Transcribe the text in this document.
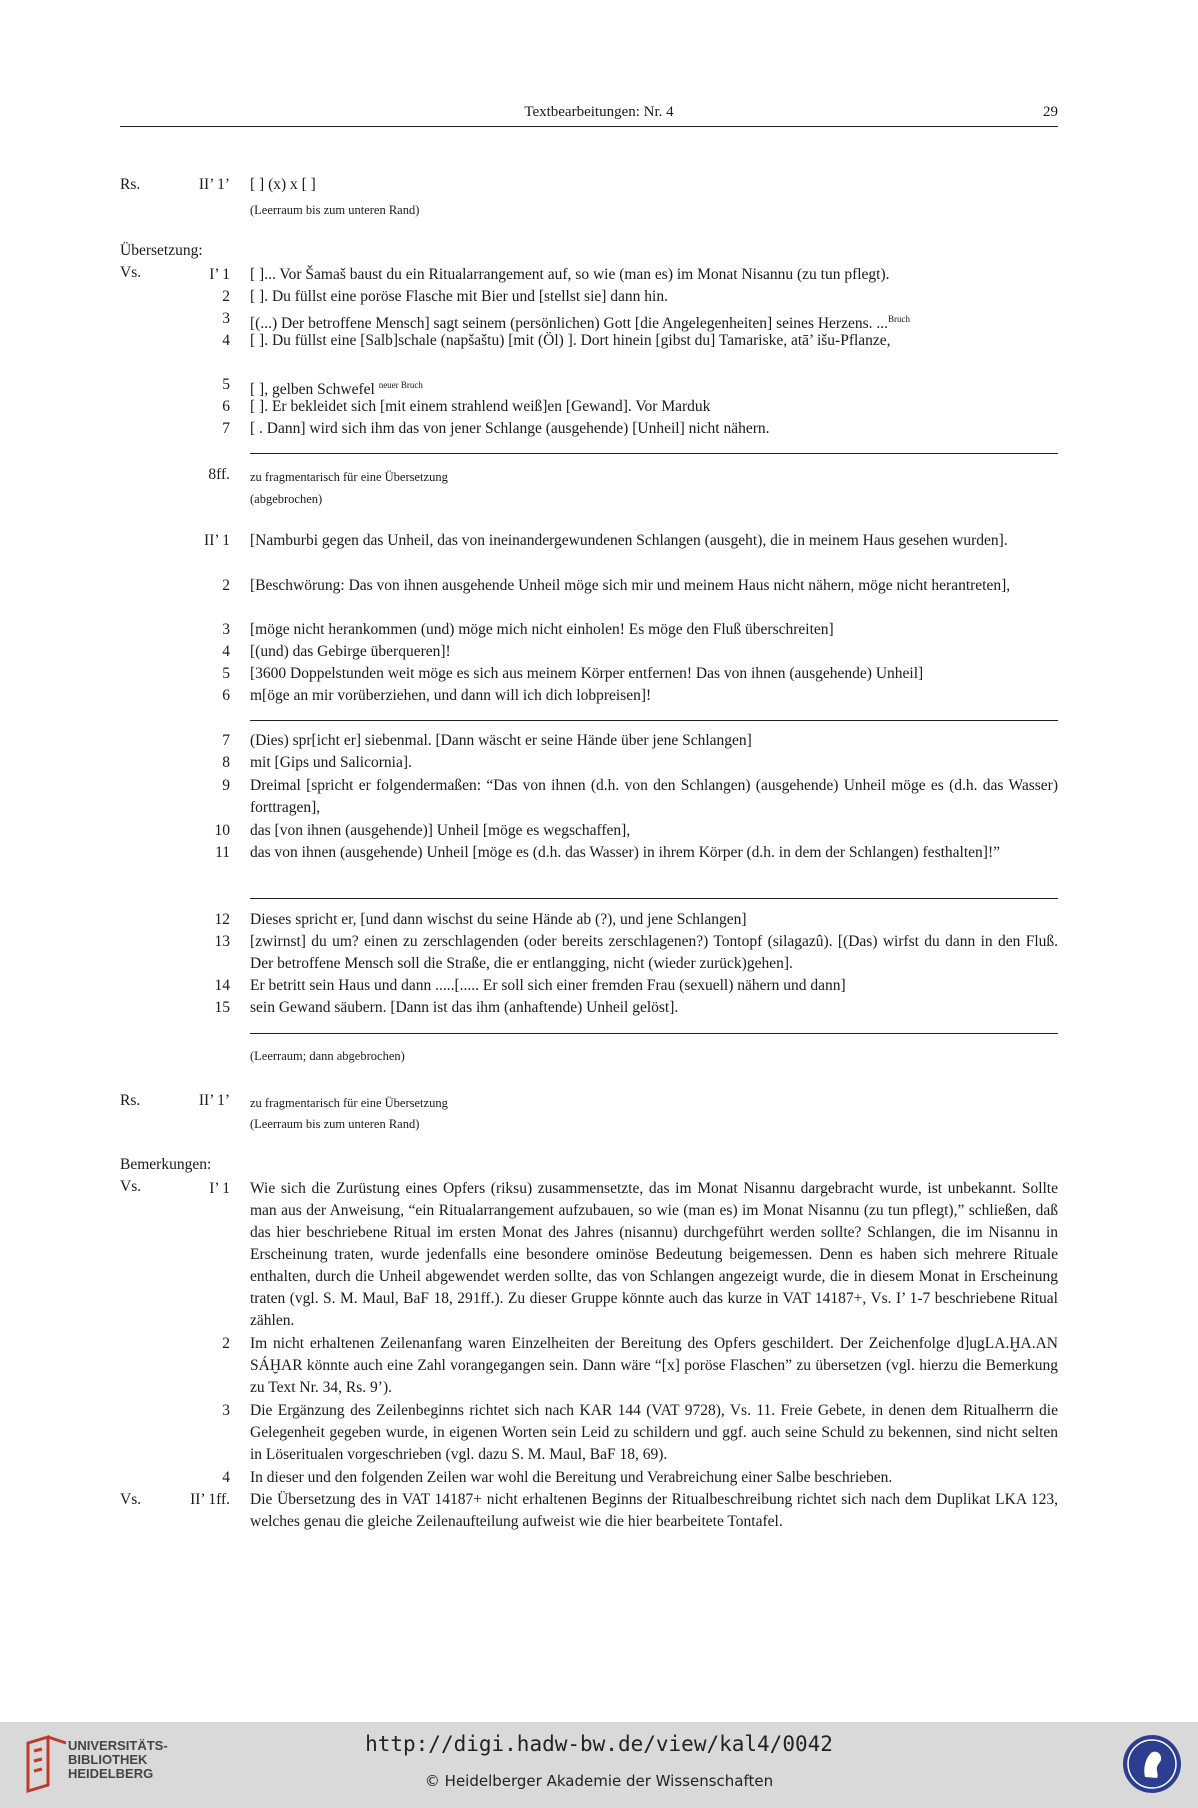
Textbearbeitungen: Nr. 4	29
Rs.	II’ 1’ [ ] (x) x [ ]
(Leerraum bis zum unteren Rand)
Übersetzung:
Vs.	I’ 1 [ ]... Vor Šamaš baust du ein Ritualarrangement auf, so wie (man es) im Monat Nisannu (zu tun pflegt).
2 [ ]. Du füllst eine poröse Flasche mit Bier und [stellst sie] dann hin.
3 [(...) Der betroffene Mensch] sagt seinem (persönlichen) Gott [die Angelegenheiten] seines Herzens. ...$^{Bruch}$
4 [ ]. Du füllst eine [Salb]schale (napšaštu) [mit (Öl) ]. Dort hinein [gibst du] Tamariske, atā’ išu-Pflanze,
5 [ ], gelben Schwefel $^{neuer Bruch}$
6 [ ]. Er bekleidet sich [mit einem strahlend weiß]en [Gewand]. Vor Marduk
7 [ . Dann] wird sich ihm das von jener Schlange (ausgehende) [Unheil] nicht nähern.
8ff. zu fragmentarisch für eine Übersetzung
(abgebrochen)
II’ 1 [Namburbi gegen das Unheil, das von ineinandergewundenen Schlangen (ausgeht), die in meinem Haus gesehen wurden].
2 [Beschwörung: Das von ihnen ausgehende Unheil möge sich mir und meinem Haus nicht nähern, möge nicht herantreten],
3 [möge nicht herankommen (und) möge mich nicht einholen! Es möge den Fluß überschreiten]
4 [(und) das Gebirge überqueren]!
5 [3600 Doppelstunden weit möge es sich aus meinem Körper entfernen! Das von ihnen (ausgehende) Unheil]
6 m[öge an mir vorüberziehen, und dann will ich dich lobpreisen]!
7 (Dies) spr[icht er] siebenmal. [Dann wäscht er seine Hände über jene Schlangen]
8 mit [Gips und Salicornia].
9 Dreimal [spricht er folgendermaßen: “Das von ihnen (d.h. von den Schlangen) (ausgehende) Unheil möge es (d.h. das Wasser) forttragen],
10 das [von ihnen (ausgehende)] Unheil [möge es wegschaffen],
11 das von ihnen (ausgehende) Unheil [möge es (d.h. das Wasser) in ihrem Körper (d.h. in dem der Schlangen) festhalten]!”
12 Dieses spricht er, [und dann wischst du seine Hände ab (?), und jene Schlangen]
13 [zwirnst] du um? einen zu zerschlagenden (oder bereits zerschlagenen?) Tontopf (silagazû). [(Das) wirfst du dann in den Fluß. Der betroffene Mensch soll die Straße, die er entlangging, nicht (wieder zurück)gehen].
14 Er betritt sein Haus und dann .....[..... Er soll sich einer fremden Frau (sexuell) nähern und dann]
15 sein Gewand säubern. [Dann ist das ihm (anhaftende) Unheil gelöst].
(Leerraum; dann abgebrochen)
Rs.	II’ 1’ zu fragmentarisch für eine Übersetzung
(Leerraum bis zum unteren Rand)
Bemerkungen:
Vs.	I’ 1 Wie sich die Zurüstung eines Opfers (riksu) zusammensetzte, das im Monat Nisannu dargebracht wurde, ist unbekannt. Sollte man aus der Anweisung, “ein Ritualarrangement aufzubauen, so wie (man es) im Monat Nisannu (zu tun pflegt),” schließen, daß das hier beschriebene Ritual im ersten Monat des Jahres (nisannu) durchgeführt werden sollte? Schlangen, die im Nisannu in Erscheinung traten, wurde jedenfalls eine besondere ominöse Bedeutung beigemessen. Denn es haben sich mehrere Rituale enthalten, durch die Unheil abgewendet werden sollte, das von Schlangen angezeigt wurde, die in diesem Monat in Erscheinung traten (vgl. S. M. Maul, BaF 18, 291ff.). Zu dieser Gruppe könnte auch das kurze in VAT 14187+, Vs. I’ 1-7 beschriebene Ritual zählen.
2 Im nicht erhaltenen Zeilenanfang waren Einzelheiten der Bereitung des Opfers geschildert. Der Zeichenfolge d]ugLA.ḪA.AN SÁḪAR könnte auch eine Zahl vorangegangen sein. Dann wäre “[x] poröse Flaschen” zu übersetzen (vgl. hierzu die Bemerkung zu Text Nr. 34, Rs. 9’).
3 Die Ergänzung des Zeilenbeginns richtet sich nach KAR 144 (VAT 9728), Vs. 11. Freie Gebete, in denen dem Ritualherrn die Gelegenheit gegeben wurde, in eigenen Worten sein Leid zu schildern und ggf. auch seine Schuld zu bekennen, sind nicht selten in Löseritualen vorgeschrieben (vgl. dazu S. M. Maul, BaF 18, 69).
4 In dieser und den folgenden Zeilen war wohl die Bereitung und Verabreichung einer Salbe beschrieben.
Vs.	II’ 1ff. Die Übersetzung des in VAT 14187+ nicht erhaltenen Beginns der Ritualbeschreibung richtet sich nach dem Duplikat LKA 123, welches genau die gleiche Zeilenaufteilung aufweist wie die hier bearbeitete Tontafel.
UNIVERSITÄTS-
BIBLIOTHEK
HEIDELBERG
http://digi.hadw-bw.de/view/kal4/0042
© Heidelberger Akademie der Wissenschaften
